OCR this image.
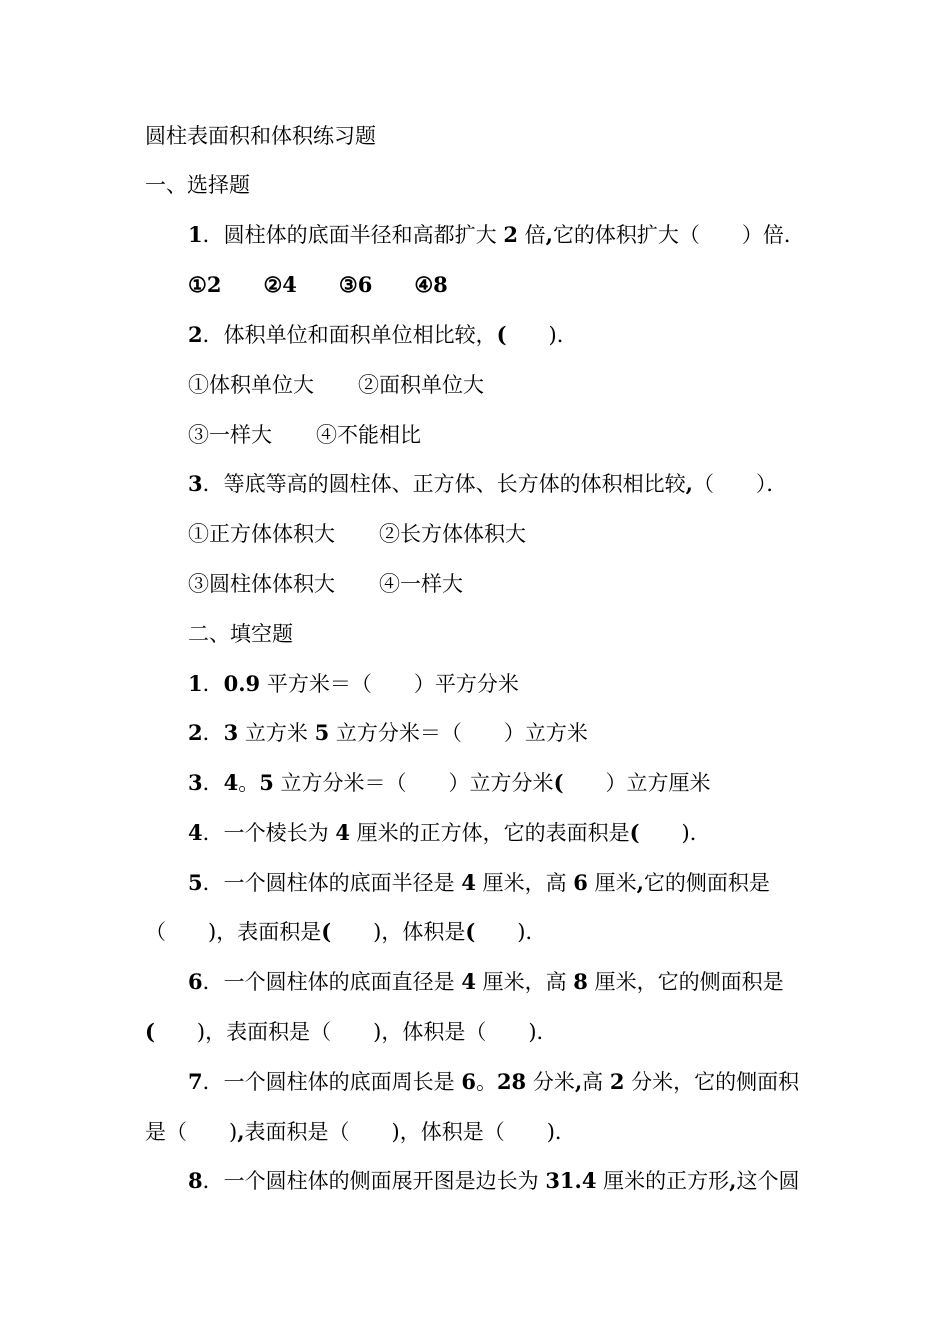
圆柱表面积和体积练习题
一、选择题
1．圆柱体的底面半径和高都扩大 2 倍,它的体积扩大（　　）倍．
①2 ②4 ③6 ④8
2．体积单位和面积单位相比较，(　　)．
①体积单位大 ②面积单位大
③一样大 ④不能相比
3．等底等高的圆柱体、正方体、长方体的体积相比较,（　　）．
①正方体体积大 ②长方体体积大
③圆柱体体积大 ④一样大
二、填空题
1．0.9 平方米＝（　　）平方分米
2．3 立方米 5 立方分米＝（　　）立方米
3．4。5 立方分米＝（　　）立方分米(　　）立方厘米
4．一个棱长为 4 厘米的正方体，它的表面积是(　　)．
5．一个圆柱体的底面半径是 4 厘米，高 6 厘米,它的侧面积是
（　　)，表面积是(　　)，体积是(　　)．
6．一个圆柱体的底面直径是 4 厘米，高 8 厘米，它的侧面积是
(　　)，表面积是（　　)，体积是（　　)．
7．一个圆柱体的底面周长是 6。28 分米,高 2 分米，它的侧面积
是（　　),表面积是（　　)，体积是（　　)．
8．一个圆柱体的侧面展开图是边长为 31.4 厘米的正方形,这个圆
